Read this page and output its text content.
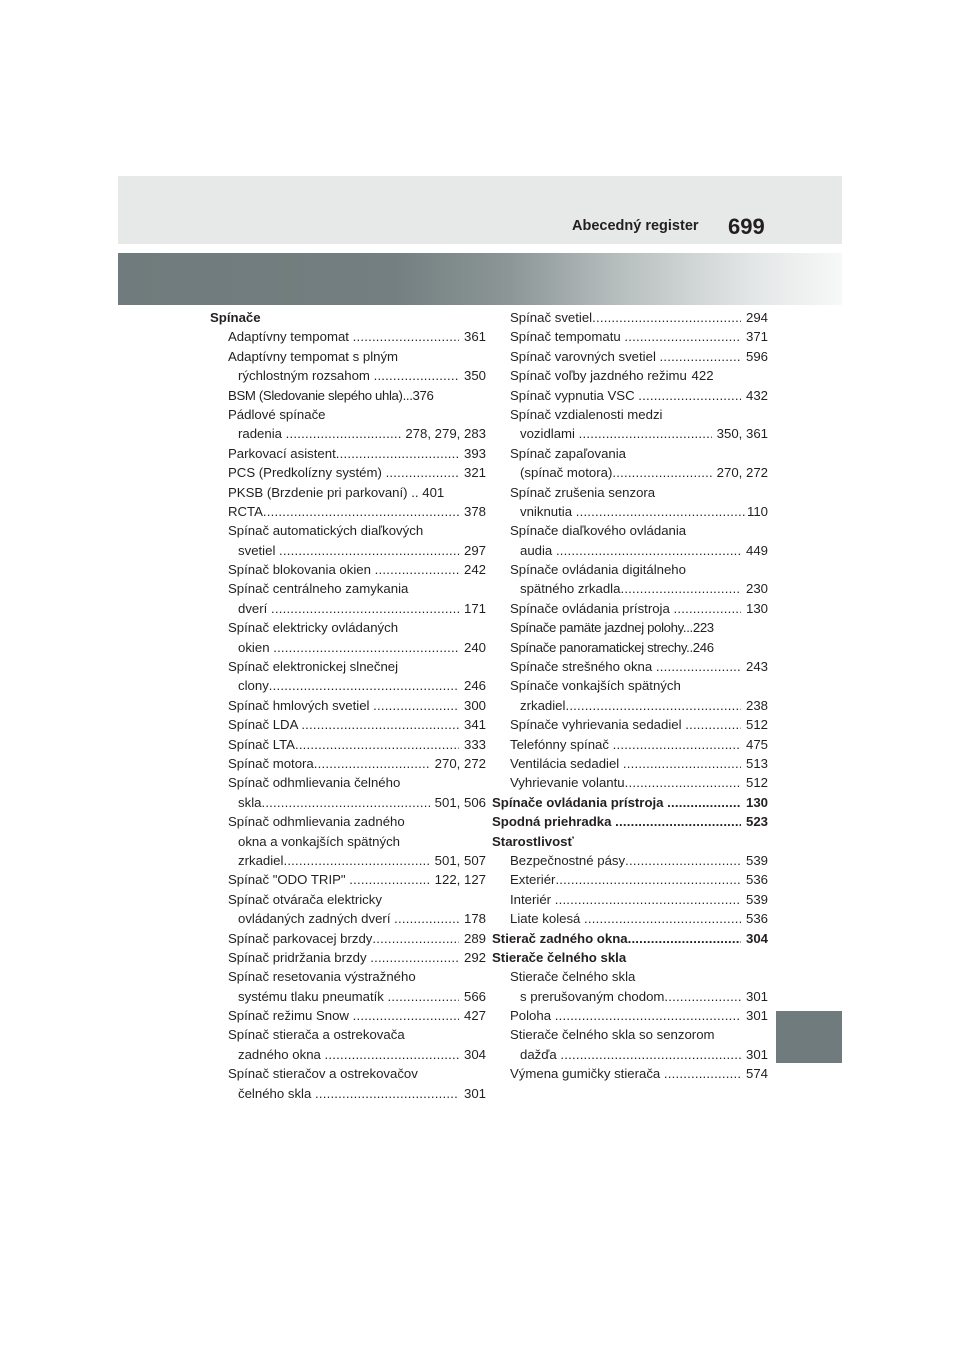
Abecedný register 699
Spínače
Adaptívny tempomat .....	361
Adaptívny tempomat s plným
rýchlostným rozsahom .....	350
BSM (Sledovanie slepého uhla)...376
Pádlové spínače
radenia .....	278, 279, 283
Parkovací asistent .....	393
PCS (Predkolízny systém) .....	321
PKSB (Brzdenie pri parkovaní) .. 401
RCTA .....	378
Spínač automatických diaľkových
svetiel .....	297
Spínač blokovania okien .....	242
Spínač centrálneho zamykania
dverí .....	171
Spínač elektricky ovládaných
okien .....	240
Spínač elektronickej slnečnej
clony .....	246
Spínač hmlových svetiel .....	300
Spínač LDA .....	341
Spínač LTA .....	333
Spínač motora .....	270, 272
Spínač odhmlievania čelného
skla .....	501, 506
Spínač odhmlievania zadného
okna a vonkajších spätných
zrkadiel .....	501, 507
Spínač "ODO TRIP" .....	122, 127
Spínač otvárača elektricky
ovládaných zadných dverí .....	178
Spínač parkovacej brzdy .....	289
Spínač pridržania brzdy .....	292
Spínač resetovania výstražného
systému tlaku pneumatík .....	566
Spínač režimu Snow .....	427
Spínač stierača a ostrekovača
zadného okna .....	304
Spínač stieračov a ostrekovačov
čelného skla .....	301
Spínač svetiel .....	294
Spínač tempomatu .....	371
Spínač varovných svetiel .....	596
Spínač voľby jazdného režimu 422
Spínač vypnutia VSC .....	432
Spínač vzdialenosti medzi
vozidlami .....	350, 361
Spínač zapaľovania
(spínač motora) .....	270, 272
Spínač zrušenia senzora
vniknutia .....	110
Spínače diaľkového ovládania
audia .....	449
Spínače ovládania digitálneho
spätného zrkadla .....	230
Spínače ovládania prístroja .....	130
Spínače pamäte jazdnej polohy...223
Spínače panoramatickej strechy..246
Spínače strešného okna .....	243
Spínače vonkajších spätných
zrkadiel .....	238
Spínače vyhrievania sedadiel .....	512
Telefónny spínač .....	475
Ventilácia sedadiel .....	513
Vyhrievanie volantu .....	512
Spínače ovládania prístroja .....	130
Spodná priehradka .....	523
Starostlivosť
Bezpečnostné pásy .....	539
Exteriér .....	536
Interiér .....	539
Liate kolesá .....	536
Stierač zadného okna .....	304
Stierače čelného skla
Stierače čelného skla
s prerušovaným chodom .....	301
Poloha .....	301
Stierače čelného skla so senzorom
dažďa .....	301
Výmena gumičky stierača .....	574
